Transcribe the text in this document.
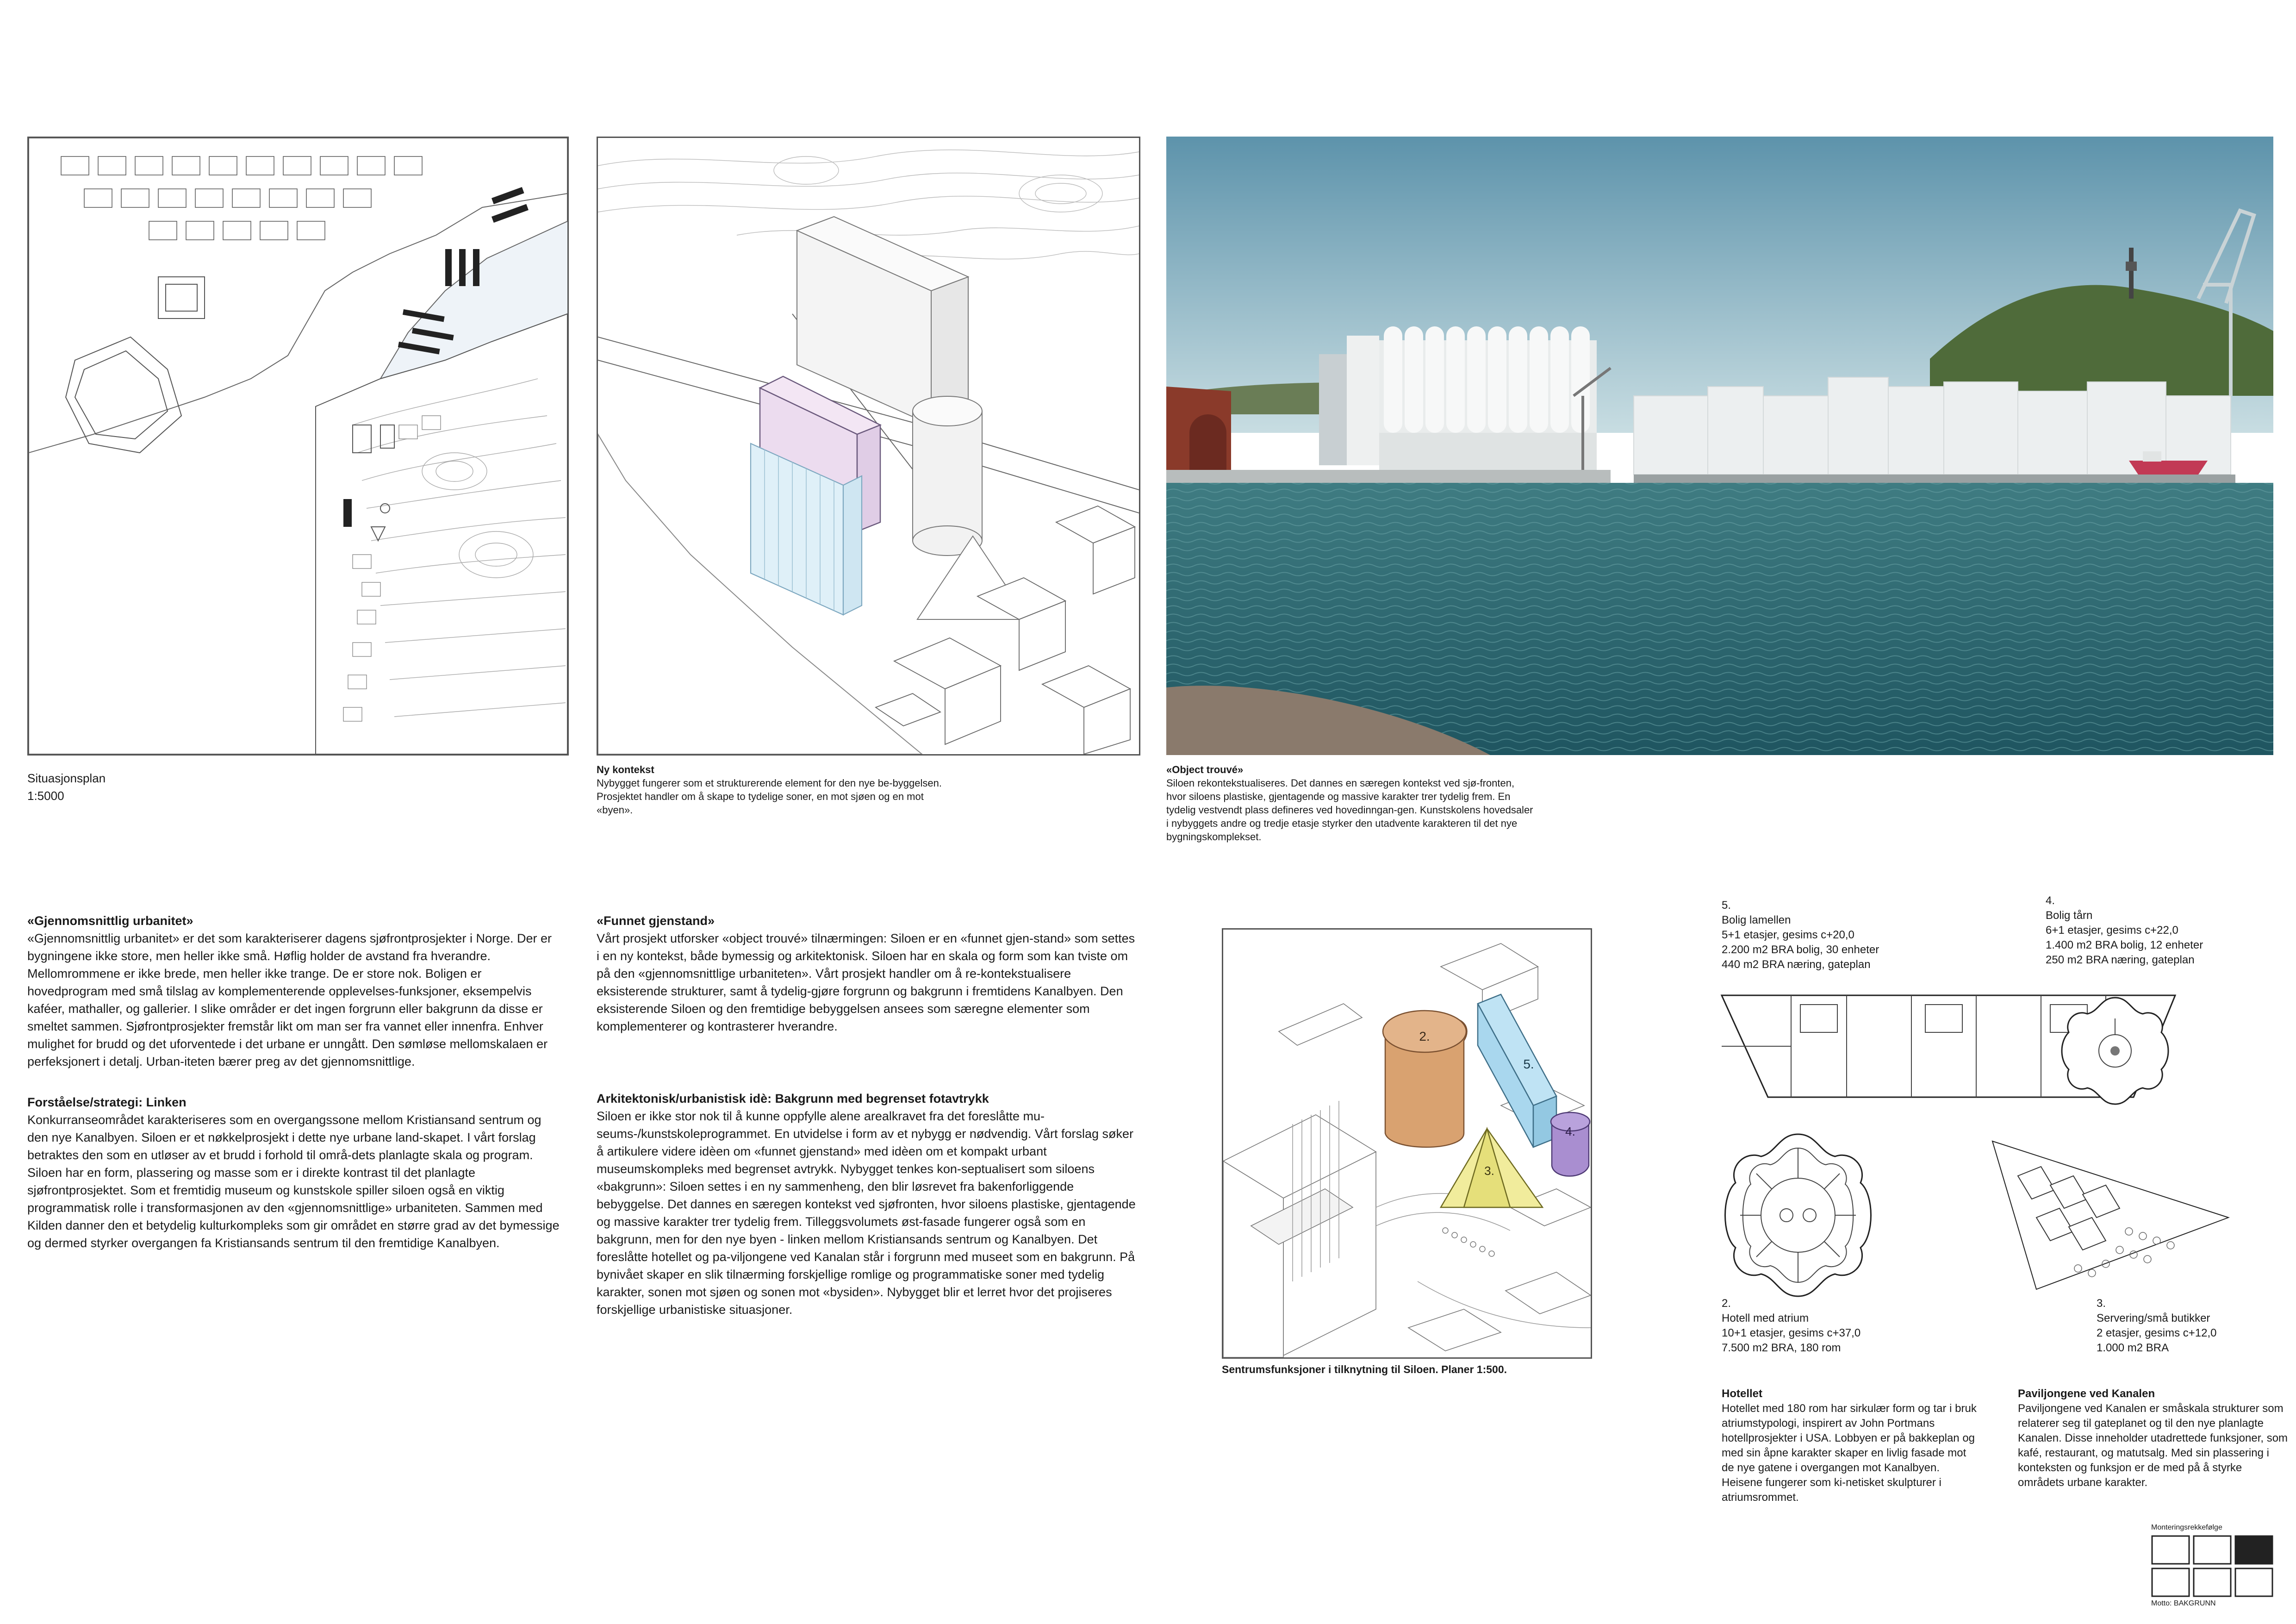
Situasjonsplan
1:5000
Ny kontekst
Nybygget fungerer som et strukturerende element for den nye be-byggelsen. Prosjektet handler om å skape to tydelige soner, en mot sjøen og en mot «byen».
«Object trouvé»
Siloen rekontekstualiseres. Det dannes en særegen kontekst ved sjø-fronten, hvor siloens plastiske, gjentagende og massive karakter trer tydelig frem. En tydelig vestvendt plass defineres ved hovedinngan-gen. Kunstskolens hovedsaler i nybyggets andre og tredje etasje styrker den utadvente karakteren til det nye bygningskomplekset.
«Gjennomsnittlig urbanitet»

«Gjennomsnittlig urbanitet» er det som karakteriserer dagens sjøfrontprosjekter i Norge. Der er bygningene ikke store, men heller ikke små. Høflig holder de avstand fra hverandre. Mellomrommene er ikke brede, men heller ikke trange. De er store nok. Boligen er hovedprogram med små tilslag av komplementerende opplevelses-funksjoner, eksempelvis kaféer, mathaller, og gallerier. I slike områder er det ingen forgrunn eller bakgrunn da disse er smeltet sammen. Sjøfrontprosjekter fremstår likt om man ser fra vannet eller innenfra. Enhver mulighet for brudd og det uforventede i det urbane er unngått. Den sømløse mellomskalaen er perfeksjonert i detalj. Urban-iteten bærer preg av det gjennomsnittlige.

Forståelse/strategi: Linken

Konkurranseområdet karakteriseres som en overgangssone mellom Kristiansand sentrum og den nye Kanalbyen. Siloen er et nøkkelprosjekt i dette nye urbane land-skapet. I vårt forslag betraktes den som en utløser av et brudd i forhold til områ-dets planlagte skala og program. Siloen har en form, plassering og masse som er i direkte kontrast til det planlagte sjøfrontprosjektet. Som et fremtidig museum og kunstskole spiller siloen også en viktig programmatisk rolle i transformasjonen av den «gjennomsnittlige» urbaniteten. Sammen med Kilden danner den et betydelig kulturkompleks som gir området en større grad av det bymessige og dermed styrker overgangen fa Kristiansands sentrum til den fremtidige Kanalbyen.

«Funnet gjenstand»

Vårt prosjekt utforsker «object trouvé» tilnærmingen: Siloen er en «funnet gjen-stand» som settes i en ny kontekst, både bymessig og arkitektonisk. Siloen har en skala og form som kan tviste om på den «gjennomsnittlige urbaniteten». Vårt prosjekt handler om å re-kontekstualisere eksisterende strukturer, samt å tydelig-gjøre forgrunn og bakgrunn i fremtidens Kanalbyen. Den eksisterende Siloen og den fremtidige bebyggelsen ansees som særegne elementer som komplementerer og kontrasterer hverandre.

Arkitektonisk/urbanistisk idè: Bakgrunn med begrenset fotavtrykk

Siloen er ikke stor nok til å kunne oppfylle alene arealkravet fra det foreslåtte mu-seums-/kunstskoleprogrammet. En utvidelse i form av et nybygg er nødvendig. Vårt forslag søker å artikulere videre idèen om «funnet gjenstand» med idèen om et kompakt urbant museumskompleks med begrenset avtrykk. Nybygget tenkes kon-septualisert som siloens «bakgrunn»: Siloen settes i en ny sammenheng, den blir løsrevet fra bakenforliggende bebyggelse. Det dannes en særegen kontekst ved sjøfronten, hvor siloens plastiske, gjentagende og massive karakter trer tydelig frem. Tilleggsvolumets øst-fasade fungerer også som en bakgrunn, men for den nye byen - linken mellom Kristiansands sentrum og Kanalbyen. Det foreslåtte hotellet og pa-viljongene ved Kanalan står i forgrunn med museet som en bakgrunn. På bynivået skaper en slik tilnærming forskjellige romlige og programmatiske soner med tydelig karakter, sonen mot sjøen og sonen mot «bysiden». Nybygget blir et lerret hvor det projiseres forskjellige urbanistiske situasjoner.

2.
5.
4.
3.
Sentrumsfunksjoner i tilknytning til Siloen. Planer 1:500.

5.

Bolig lamellen

5+1 etasjer, gesims c+20,0

2.200 m2 BRA bolig, 30 enheter

440 m2 BRA næring, gateplan

4.

Bolig tårn

6+1 etasjer, gesims c+22,0

1.400 m2 BRA bolig, 12 enheter

250 m2 BRA næring, gateplan

2.

Hotell med atrium

10+1 etasjer, gesims c+37,0

7.500 m2 BRA, 180 rom

3.

Servering/små butikker

2 etasjer, gesims c+12,0

1.000 m2 BRA

Hotellet

Hotellet med 180 rom har sirkulær form og tar i bruk atriumstypologi, inspirert av John Portmans hotellprosjekter i USA. Lobbyen er på bakkeplan og med sin åpne karakter skaper en livlig fasade mot de nye gatene i overgangen mot Kanalbyen. Heisene fungerer som ki-netisket skulpturer i atriumsrommet.

Paviljongene ved Kanalen

Paviljongene ved Kanalen er småskala strukturer som relaterer seg til gateplanet og til den nye planlagte Kanalen. Disse inneholder utadrettede funksjoner, som kafé, restaurant, og matutsalg. Med sin plassering i konteksten og funksjon er de med på å styrke områdets urbane karakter.

Monteringsrekkefølge
Motto: BAKGRUNN
